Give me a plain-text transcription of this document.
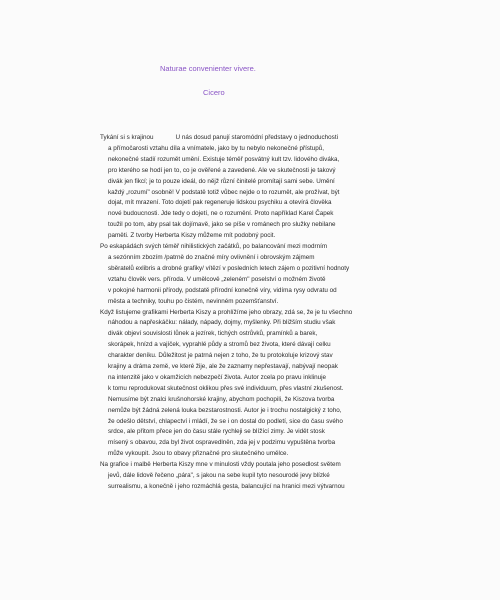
Naturae convenienter vivere.
Cicero
Tykání si s krajinou	U nás dosud panují staromódní představy o jednoduchosti
a přímočarosti vztahu díla a vnímatele, jako by tu nebylo nekonečné přístupů,
nekonečné stadií rozumět umění. Existuje téměř posvátný kult tzv. lidového diváka,
pro kterého se hodí jen to, co je ověřené a zavedené. Ale ve skutečnosti je takový
divák jen fikcí; je to pouze ideál, do nějž různí činitelé promítají sami sebe. Umění
každý „rozumí" osobně! V podstatě totiž vůbec nejde o to rozumět, ale prožívat, být
dojat, mít mrazení. Toto dojetí pak regeneruje lidskou psychiku a otevírá člověka
nové budoucnosti. Jde tedy o dojetí, ne o rozumění. Proto například Karel Čapek
toužil po tom, aby psal tak dojímavě, jako se píše v románech pro služky nebilane
paměti. Z tvorby Herberta Kiszy můžeme mít podobný pocit.
Po eskapádách svých téměř nihilistických začátků, po balancování mezi modrním
a sezónním zbozím /patrně do značné míry ovlivnění i obrovským zájmem
sběratelů exlibris a drobné grafiky/ vítězí v posledních letech zájem o pozitivní hodnoty
vztahu člověk vers. příroda. V umělcově „zeleném" poselství o možném životě
v pokojné harmonii přírody, podstatě přírodní konečně víry, vidíma rysy odvratu od
města a techniky, touhu po čistém, nevinném pozemšťanství.
Když listujeme grafikami Herberta Kiszy a prohlížíme jeho obrazy, zdá se, že je tu všechno
náhodou a napřeskáčku: nálady, nápady, dojmy, myšlenky. Při bližším studiu však
divák objeví souvislosti lůnek a jezírek, tichých ostrůvků, pramínků a barek,
skorápek, hnízd a vajíček, vyprahlé půdy a stromů bez života, které dávají celku
charakter deníku. Důležitost je patrná nejen z toho, že tu protokoluje krizový stav
krajiny a dráma země, ve které žije, ale že zaznamy nepřestavají, nabývají neopak
na intenzitě jako v okamžicích nebezpečí života. Autor zcela po pravu inklinuje
k tomu reprodukovat skutečnost oklikou přes své individuum, přes vlastní zkušenost.
Nemusíme být znalci krušnohorské krajiny, abychom pochopili, že Kiszova tvorba
nemůže být žádná zelená louka bezstarostnosti. Autor je i trochu nostalgický z toho,
že odešlo dětství, chlapectví i mládí, že se i on dostal do podletí, sice do času svého
srdce, ale přitom přece jen do času stále rychleji se blížící zimy. Je vidět stosk
mísený s obavou, zda byl život ospravedlněn, zda jej v podzimu vypuštěna tvorba
může vykoupit. Jsou to obavy přiznačné pro skutečného umělce.
Na grafice i malbě Herberta Kiszy mne v minulosti vždy poutala jeho posedlost světem
jevů, dále lidově řečeno „pára", s jakou na sebe kupil tyto nesourodé jevy blízké
surrealismu, a konečně i jeho rozmáchlá gesta, balancující na hranici mezi výtvarnou
